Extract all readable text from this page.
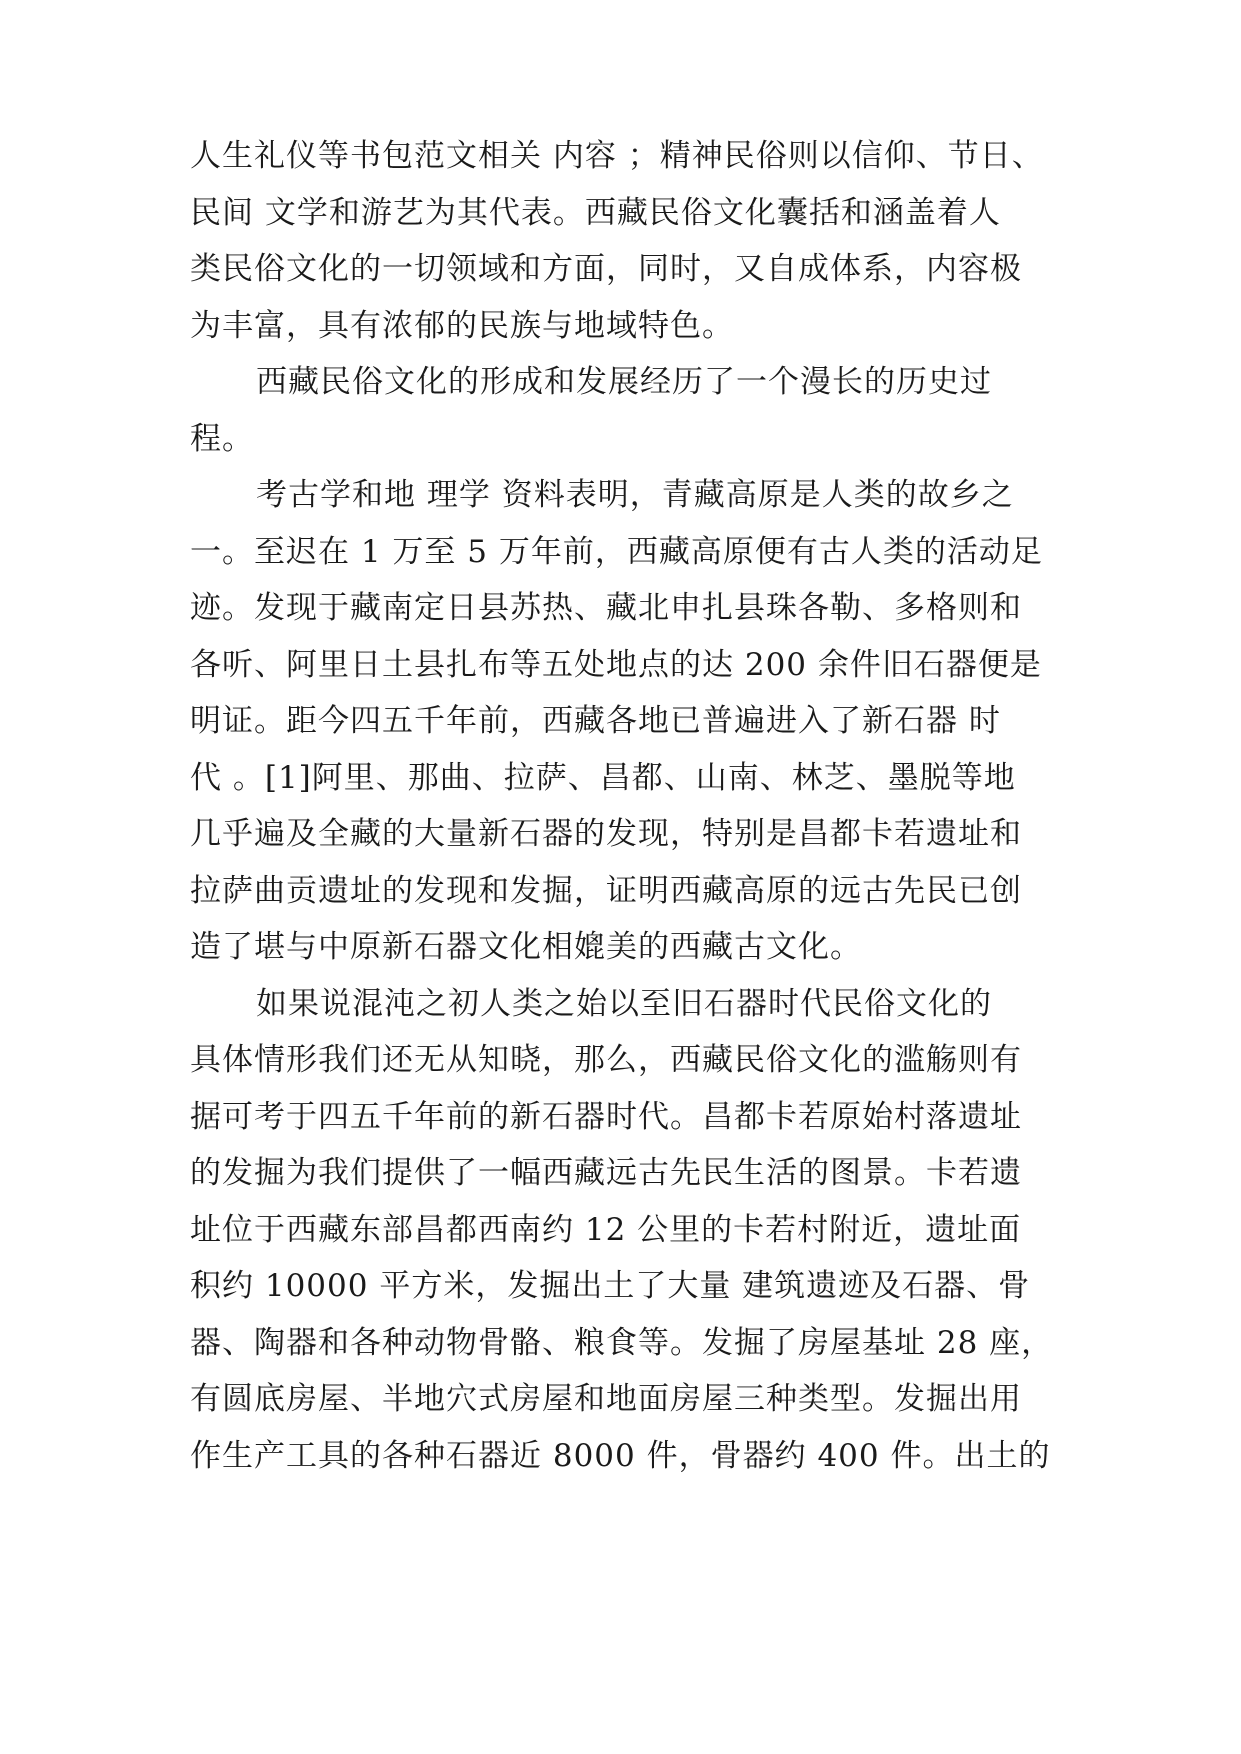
人生礼仪等书包范文相关 内容 ；精神民俗则以信仰、节日、
民间 文学和游艺为其代表。西藏民俗文化囊括和涵盖着人
类民俗文化的一切领域和方面，同时，又自成体系，内容极
为丰富，具有浓郁的民族与地域特色。
西藏民俗文化的形成和发展经历了一个漫长的历史过
程。
考古学和地 理学 资料表明，青藏高原是人类的故乡之
一。至迟在 1 万至 5 万年前，西藏高原便有古人类的活动足
迹。发现于藏南定日县苏热、藏北申扎县珠各勒、多格则和
各听、阿里日土县扎布等五处地点的达 200 余件旧石器便是
明证。距今四五千年前，西藏各地已普遍进入了新石器 时
代 。[1]阿里、那曲、拉萨、昌都、山南、林芝、墨脱等地
几乎遍及全藏的大量新石器的发现，特别是昌都卡若遗址和
拉萨曲贡遗址的发现和发掘，证明西藏高原的远古先民已创
造了堪与中原新石器文化相媲美的西藏古文化。
如果说混沌之初人类之始以至旧石器时代民俗文化的
具体情形我们还无从知晓，那么，西藏民俗文化的滥觞则有
据可考于四五千年前的新石器时代。昌都卡若原始村落遗址
的发掘为我们提供了一幅西藏远古先民生活的图景。卡若遗
址位于西藏东部昌都西南约 12 公里的卡若村附近，遗址面
积约 10000 平方米，发掘出土了大量 建筑遗迹及石器、骨
器、陶器和各种动物骨骼、粮食等。发掘了房屋基址 28 座，
有圆底房屋、半地穴式房屋和地面房屋三种类型。发掘出用
作生产工具的各种石器近 8000 件，骨器约 400 件。出土的
